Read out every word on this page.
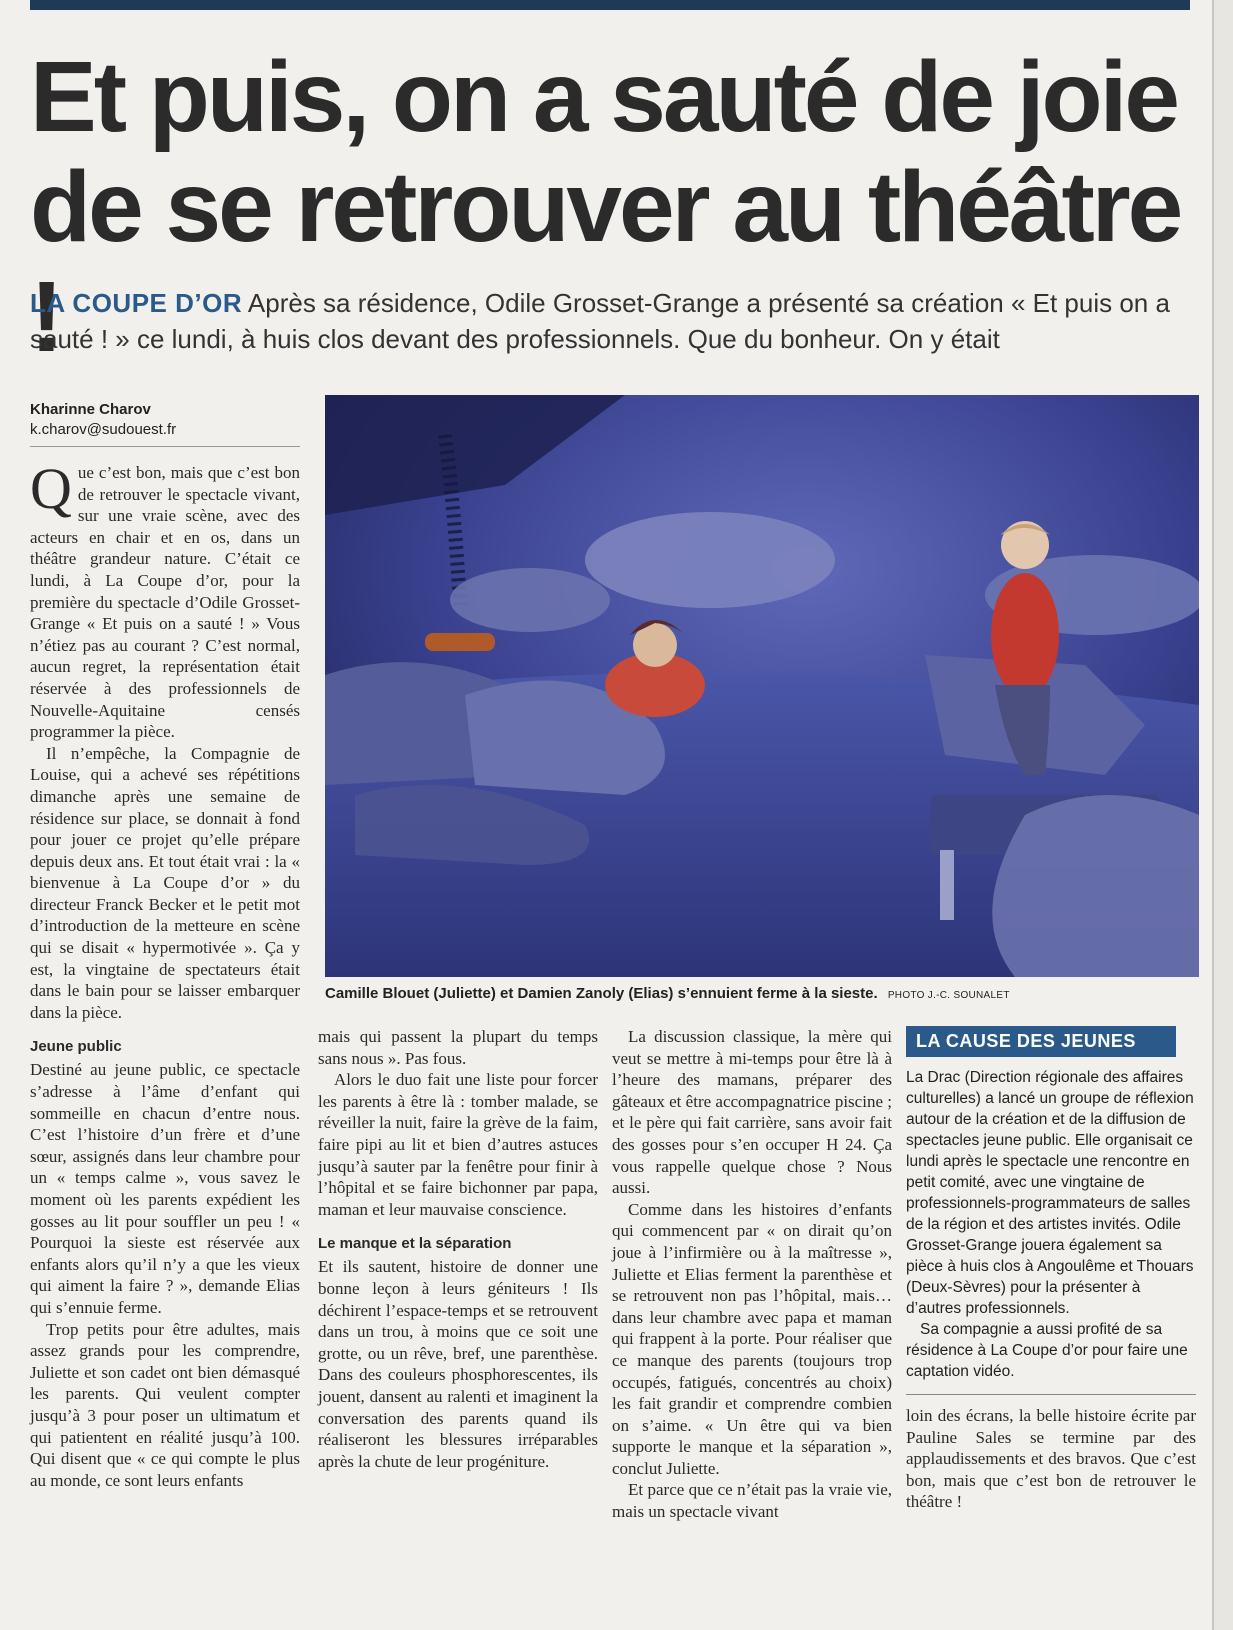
Et puis, on a sauté de joie de se retrouver au théâtre !

LA COUPE D’OR Après sa résidence, Odile Grosset-Grange a présenté sa création « Et puis on a sauté ! » ce lundi, à huis clos devant des professionnels. Que du bonheur. On y était

Kharinne Charov
k.charov@sudouest.fr
Camille Blouet (Juliette) et Damien Zanoly (Elias) s’ennuient ferme à la sieste. PHOTO J.-C. SOUNALET

Que c’est bon, mais que c’est bon de retrouver le spectacle vivant, sur une vraie scène, avec des acteurs en chair et en os, dans un théâtre grandeur nature. C’était ce lundi, à La Coupe d’or, pour la première du spectacle d’Odile Grosset-Grange « Et puis on a sauté ! » Vous n’étiez pas au courant ? C’est normal, aucun regret, la représentation était réservée à des professionnels de Nouvelle-Aquitaine censés programmer la pièce.

Il n’empêche, la Compagnie de Louise, qui a achevé ses répétitions dimanche après une semaine de résidence sur place, se donnait à fond pour jouer ce projet qu’elle prépare depuis deux ans. Et tout était vrai : la « bienvenue à La Coupe d’or » du directeur Franck Becker et le petit mot d’introduction de la metteure en scène qui se disait « hypermotivée ». Ça y est, la vingtaine de spectateurs était dans le bain pour se laisser embarquer dans la pièce.

Jeune public

Destiné au jeune public, ce spectacle s’adresse à l’âme d’enfant qui sommeille en chacun d’entre nous. C’est l’histoire d’un frère et d’une sœur, assignés dans leur chambre pour un « temps calme », vous savez le moment où les parents expédient les gosses au lit pour souffler un peu ! « Pourquoi la sieste est réservée aux enfants alors qu’il n’y a que les vieux qui aiment la faire ? », demande Elias qui s’ennuie ferme.

Trop petits pour être adultes, mais assez grands pour les comprendre, Juliette et son cadet ont bien démasqué les parents. Qui veulent compter jusqu’à 3 pour poser un ultimatum et qui patientent en réalité jusqu’à 100. Qui disent que « ce qui compte le plus au monde, ce sont leurs enfants

mais qui passent la plupart du temps sans nous ». Pas fous.

Alors le duo fait une liste pour forcer les parents à être là : tomber malade, se réveiller la nuit, faire la grève de la faim, faire pipi au lit et bien d’autres astuces jusqu’à sauter par la fenêtre pour finir à l’hôpital et se faire bichonner par papa, maman et leur mauvaise conscience.

Le manque et la séparation

Et ils sautent, histoire de donner une bonne leçon à leurs géniteurs ! Ils déchirent l’espace-temps et se retrouvent dans un trou, à moins que ce soit une grotte, ou un rêve, bref, une parenthèse. Dans des couleurs phosphorescentes, ils jouent, dansent au ralenti et imaginent la conversation des parents quand ils réaliseront les blessures irréparables après la chute de leur progéniture.

La discussion classique, la mère qui veut se mettre à mi-temps pour être là à l’heure des mamans, préparer des gâteaux et être accompagnatrice piscine ; et le père qui fait carrière, sans avoir fait des gosses pour s’en occuper H 24. Ça vous rappelle quelque chose ? Nous aussi.

Comme dans les histoires d’enfants qui commencent par « on dirait qu’on joue à l’infirmière ou à la maîtresse », Juliette et Elias ferment la parenthèse et se retrouvent non pas l’hôpital, mais… dans leur chambre avec papa et maman qui frappent à la porte. Pour réaliser que ce manque des parents (toujours trop occupés, fatigués, concentrés au choix) les fait grandir et comprendre combien on s’aime. « Un être qui va bien supporte le manque et la séparation », conclut Juliette.

Et parce que ce n’était pas la vraie vie, mais un spectacle vivant

LA CAUSE DES JEUNES

La Drac (Direction régionale des affaires culturelles) a lancé un groupe de réflexion autour de la création et de la diffusion de spectacles jeune public. Elle organisait ce lundi après le spectacle une rencontre en petit comité, avec une vingtaine de professionnels-programmateurs de salles de la région et des artistes invités. Odile Grosset-Grange jouera également sa pièce à huis clos à Angoulême et Thouars (Deux-Sèvres) pour la présenter à d’autres professionnels.

Sa compagnie a aussi profité de sa résidence à La Coupe d’or pour faire une captation vidéo.

loin des écrans, la belle histoire écrite par Pauline Sales se termine par des applaudissements et des bravos. Que c’est bon, mais que c’est bon de retrouver le théâtre !
